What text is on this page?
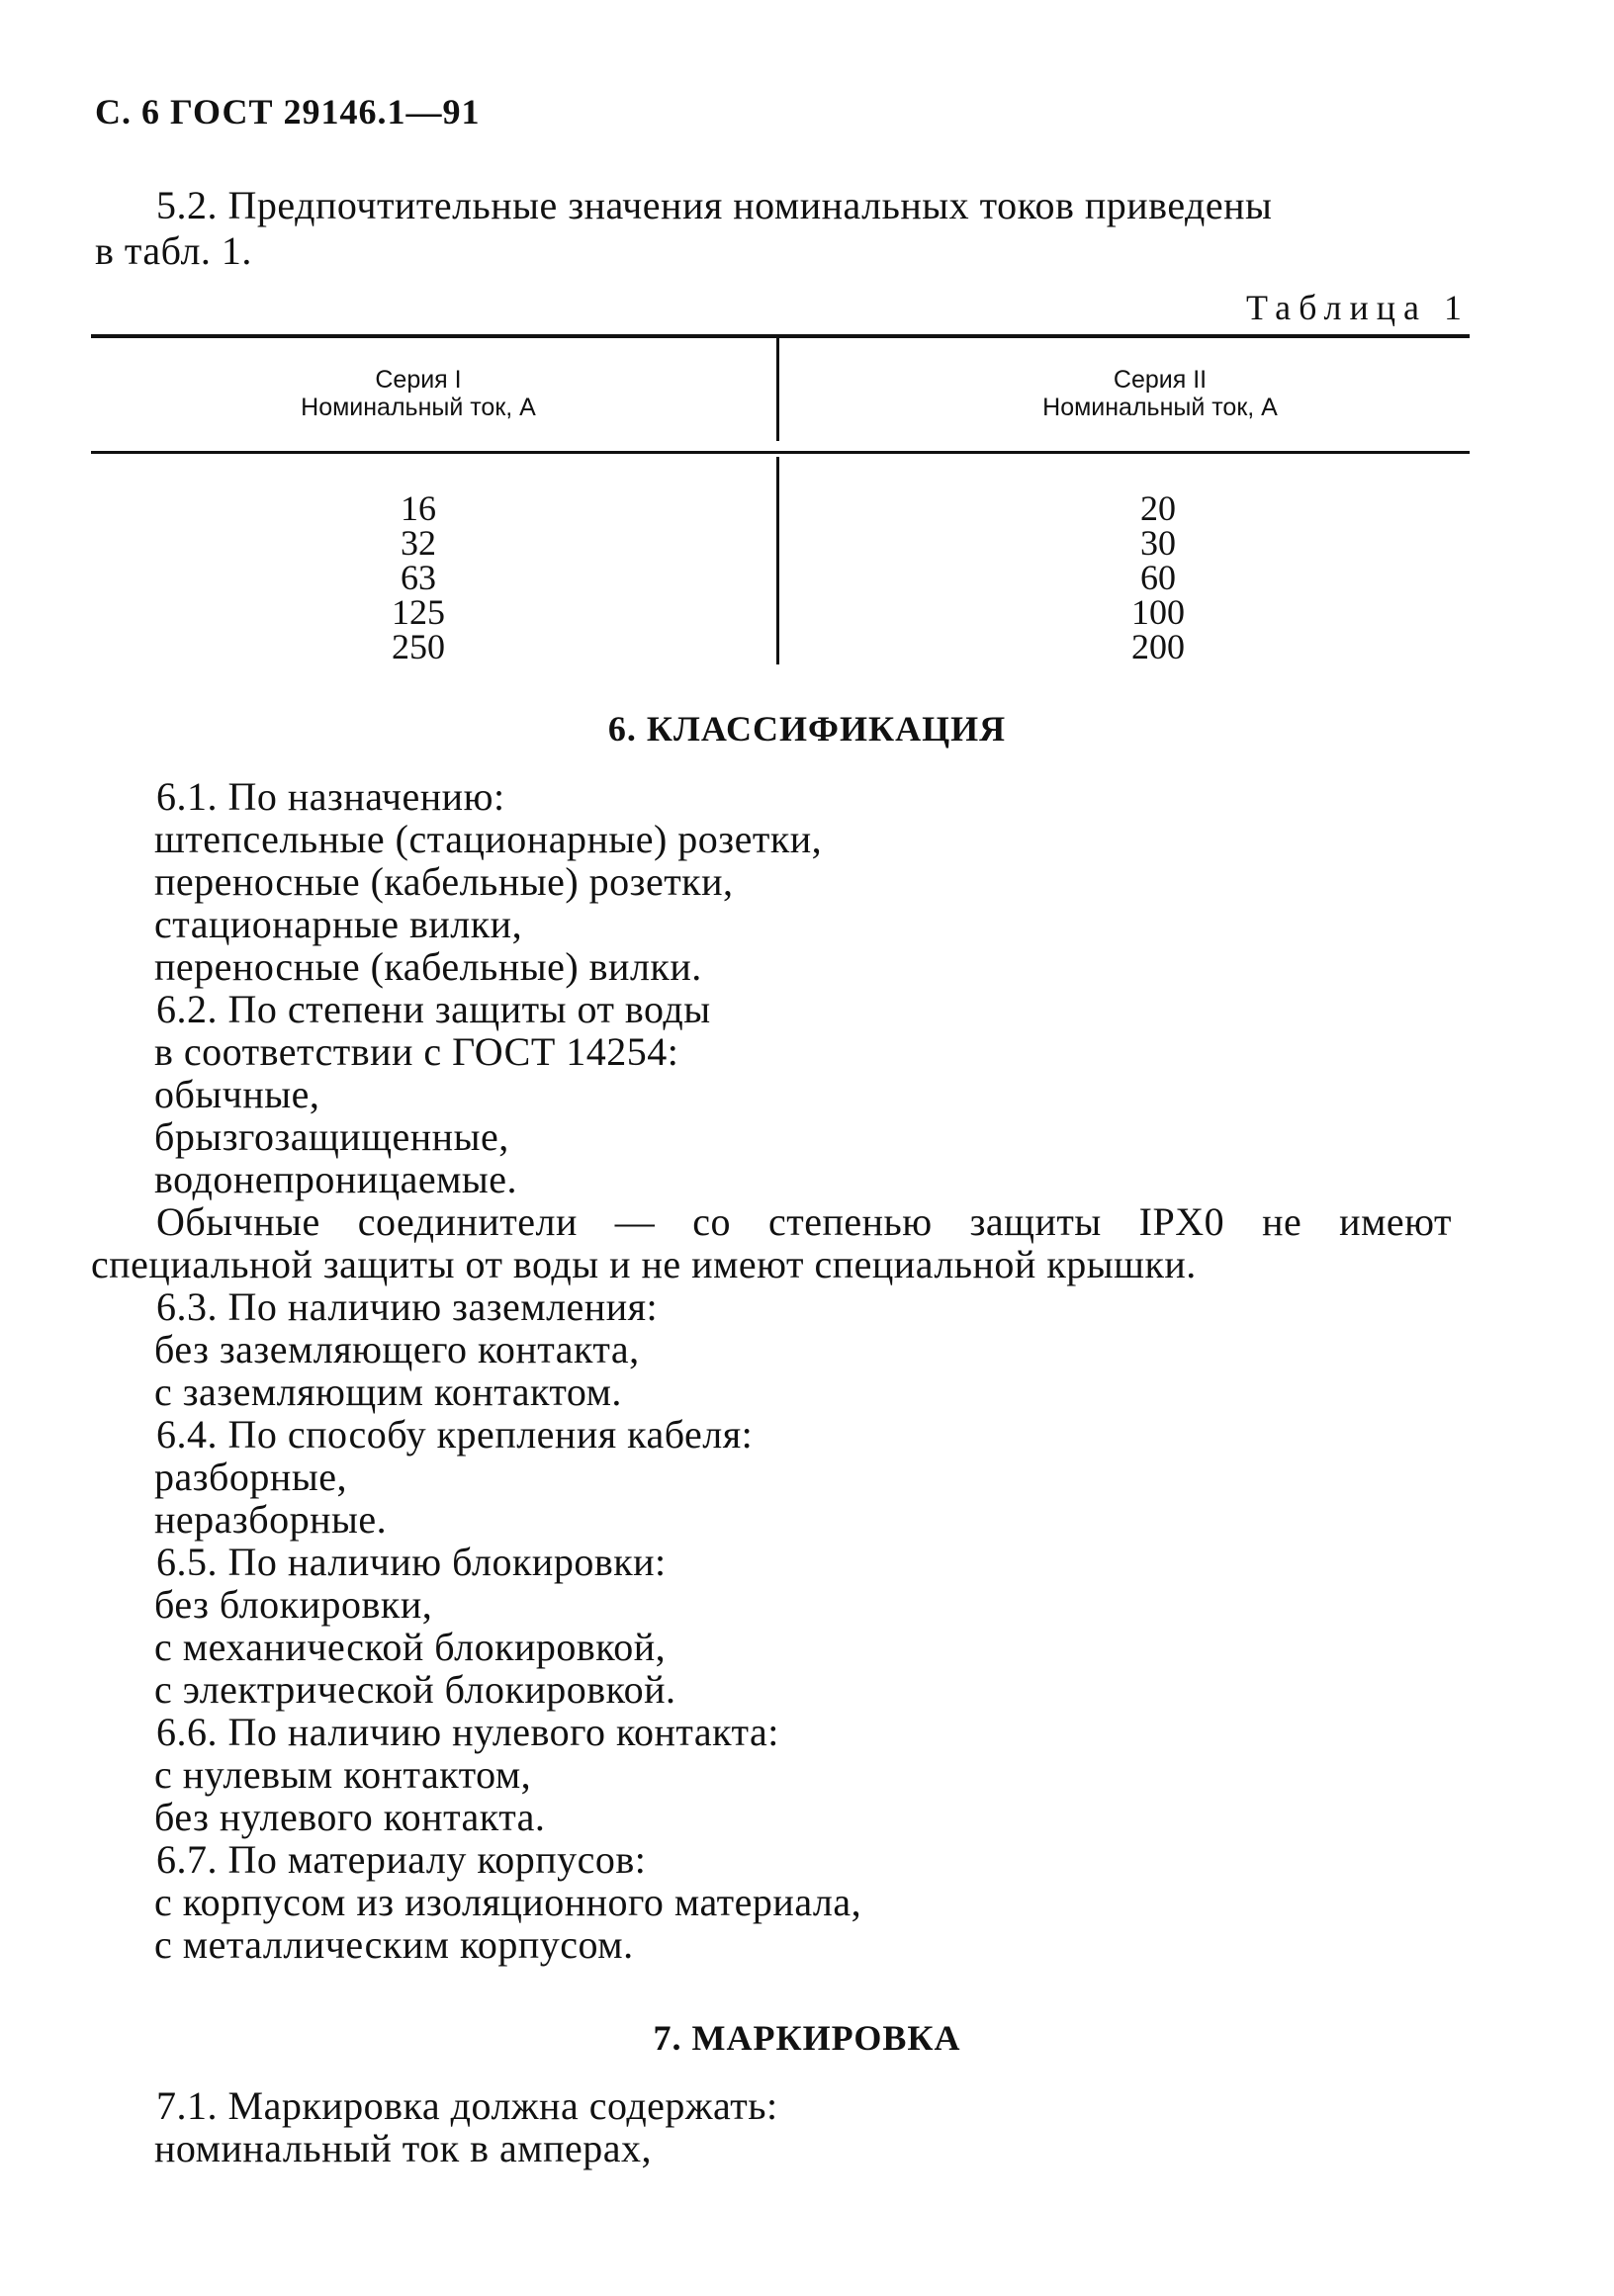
С. 6 ГОСТ 29146.1—91
5.2. Предпочтительные значения номинальных токов приведены
в табл. 1.
Таблица 1
Серия I
Номинальный ток, А
Серия II
Номинальный ток, А
16
32
63
125
250
20
30
60
100
200
6. КЛАССИФИКАЦИЯ
6.1. По назначению:
штепсельные (стационарные) розетки,
переносные (кабельные) розетки,
стационарные вилки,
переносные (кабельные) вилки.
6.2. По степени защиты от воды
в соответствии с ГОСТ 14254:
обычные,
брызгозащищенные,
водонепроницаемые.
Обычные соединители — со степенью защиты IPX0 не имеют
специальной защиты от воды и не имеют специальной крышки.
6.3. По наличию заземления:
без заземляющего контакта,
с заземляющим контактом.
6.4. По способу крепления кабеля:
разборные,
неразборные.
6.5. По наличию блокировки:
без блокировки,
с механической блокировкой,
с электрической блокировкой.
6.6. По наличию нулевого контакта:
с нулевым контактом,
без нулевого контакта.
6.7. По материалу корпусов:
с корпусом из изоляционного материала,
с металлическим корпусом.
7. МАРКИРОВКА
7.1. Маркировка должна содержать:
номинальный ток в амперах,
